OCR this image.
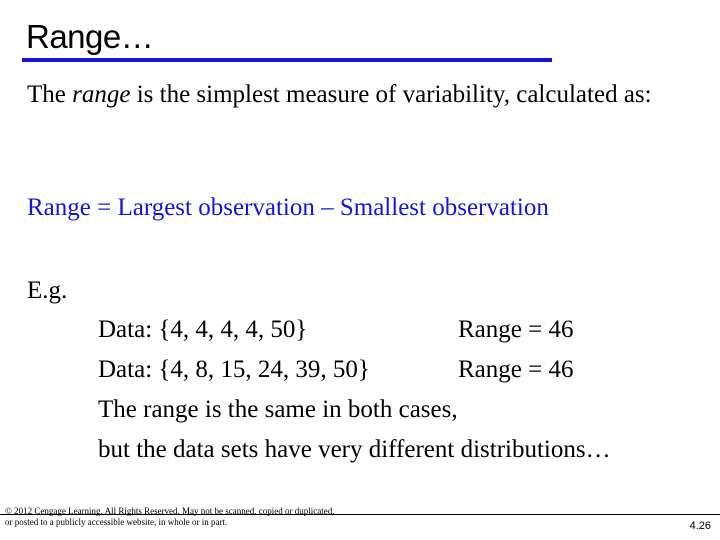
Range…

The range is the simplest measure of variability, calculated as:

Range = Largest observation – Smallest observation

E.g.

Data: {4, 4, 4, 4, 50}	Range = 46

Data: {4, 8, 15, 24, 39, 50}	Range = 46

The range is the same in both cases,

but the data sets have very different distributions…

© 2012 Cengage Learning. All Rights Reserved. May not be scanned, copied or duplicated, or posted to a publicly accessible website, in whole or in part.	4.26
